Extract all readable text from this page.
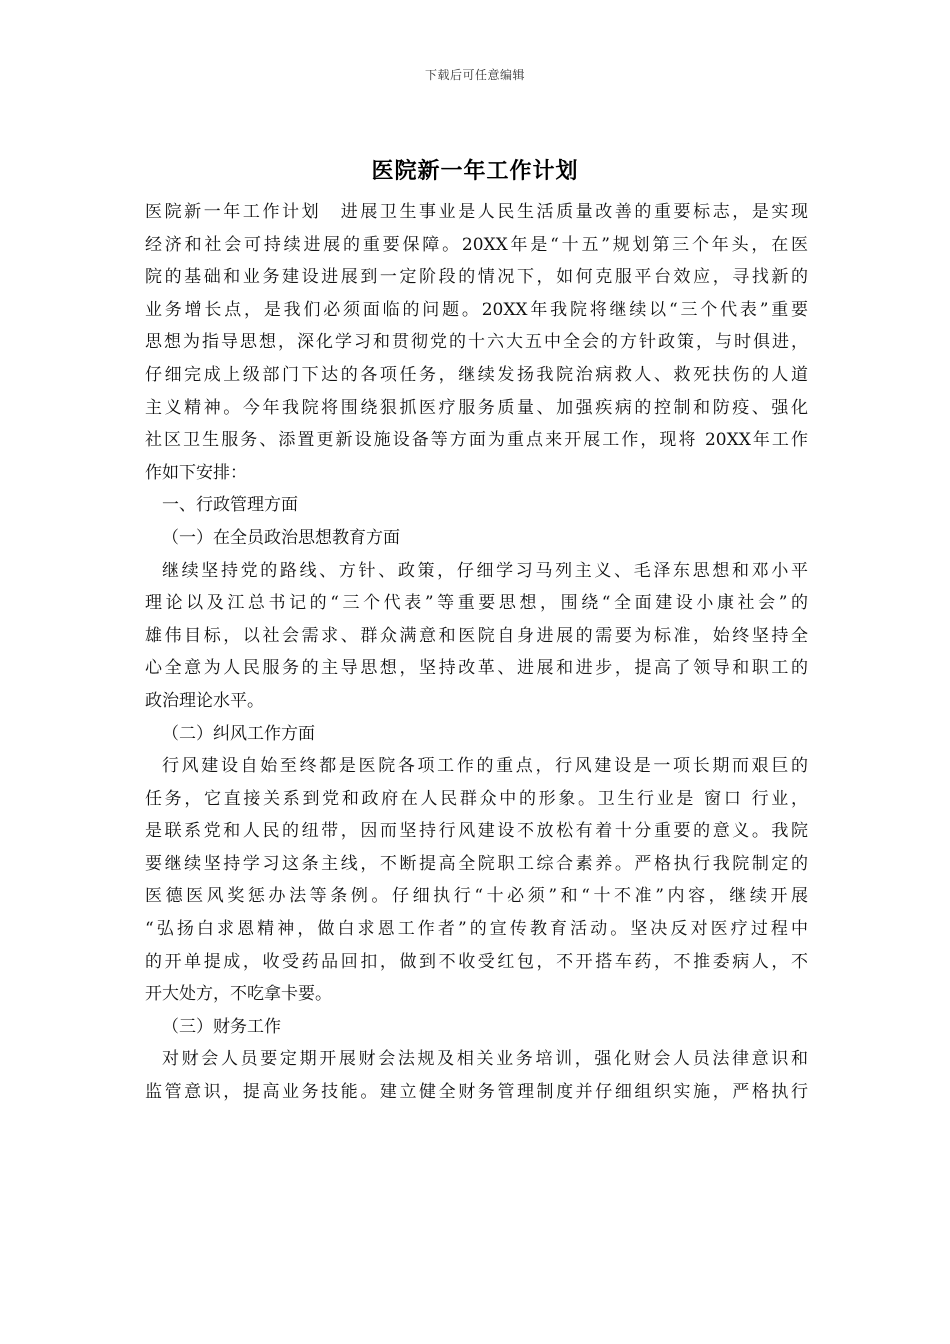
下载后可任意编辑
医院新一年工作计划
医院新一年工作计划　进展卫生事业是人民生活质量改善的重要标志，是实现
经济和社会可持续进展的重要保障。20XX年是“十五”规划第三个年头，在医
院的基础和业务建设进展到一定阶段的情况下，如何克服平台效应，寻找新的
业务增长点，是我们必须面临的问题。20XX年我院将继续以“三个代表”重要
思想为指导思想，深化学习和贯彻党的十六大五中全会的方针政策，与时俱进，
仔细完成上级部门下达的各项任务，继续发扬我院治病救人、救死扶伤的人道
主义精神。今年我院将围绕狠抓医疗服务质量、加强疾病的控制和防疫、强化
社区卫生服务、添置更新设施设备等方面为重点来开展工作，现将 20XX年工作
作如下安排：
一、行政管理方面
（一）在全员政治思想教育方面
继续坚持党的路线、方针、政策，仔细学习马列主义、毛泽东思想和邓小平
理论以及江总书记的“三个代表”等重要思想，围绕“全面建设小康社会”的
雄伟目标，以社会需求、群众满意和医院自身进展的需要为标准，始终坚持全
心全意为人民服务的主导思想，坚持改革、进展和进步，提高了领导和职工的
政治理论水平。
（二）纠风工作方面
行风建设自始至终都是医院各项工作的重点，行风建设是一项长期而艰巨的
任务，它直接关系到党和政府在人民群众中的形象。卫生行业是 窗口 行业，
是联系党和人民的纽带，因而坚持行风建设不放松有着十分重要的意义。我院
要继续坚持学习这条主线，不断提高全院职工综合素养。严格执行我院制定的
医德医风奖惩办法等条例。仔细执行“十必须”和“十不准”内容，继续开展
“弘扬白求恩精神，做白求恩工作者”的宣传教育活动。坚决反对医疗过程中
的开单提成，收受药品回扣，做到不收受红包，不开搭车药，不推委病人，不
开大处方，不吃拿卡要。
（三）财务工作
对财会人员要定期开展财会法规及相关业务培训，强化财会人员法律意识和
监管意识，提高业务技能。建立健全财务管理制度并仔细组织实施，严格执行
